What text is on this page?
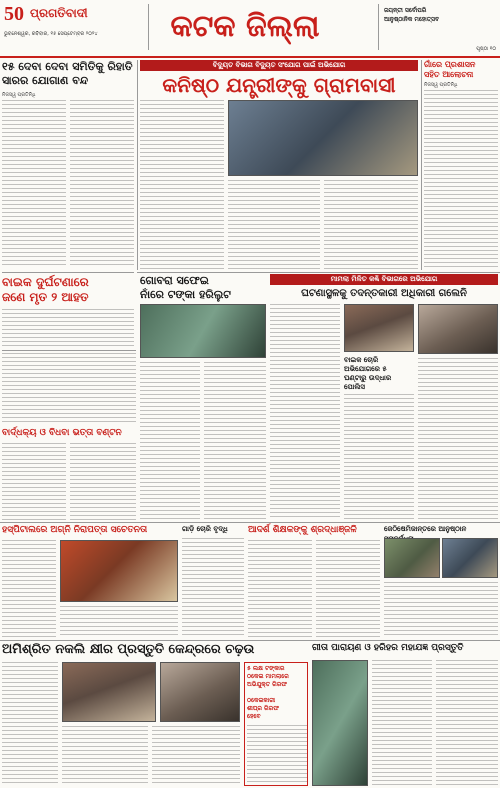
50 ପ୍ରଗତିବାଦୀ
ଭୁବନେଶ୍ୱର, ରବିବାର, ୧୫ ସେପ୍ଟେମ୍ବର ୨୦୨୪	କଟକ ଜିଲ୍ଲା	ଜୟନ୍ତୀ ସର୍ବୋପରି
ଆନୁଷ୍ଠାନିକ ମହୋତ୍ସବ
ପୃଷ୍ଠା ୧୦
୧୫ ଦେବା ଦେବା ସମିତିକୁ ରିହାତି ସାରର ଯୋଗାଣ ବନ୍ଦ
ନିଜସ୍ୱ ପ୍ରତିନିଧି
ବିଦ୍ୟୁତ ବିଭାଗ ବିଦ୍ୟୁତ ସଂଯୋଗ ପାଇଁ ଅଭିଯୋଗ
କନିଷ୍ଠ ଯନ୍ତ୍ରୀଙ୍କୁ ଗ୍ରାମବାସୀ
ଗାଁରେ ପ୍ରଶାସନ
ସହିତ ଆଲୋଚନା
ନିଜସ୍ୱ ପ୍ରତିନିଧି
ବାଇକ ଦୁର୍ଘଟଣାରେ
ଜଣେ ମୃତ ୨ ଆହତ
ଗୋବରା ସଫେଇ
ନାଁରେ ଟଙ୍କା ହରିଲୁଟ
ମାମଲା ମିଳିତ କଣ୍ଢି ବିଭାଗରେ ଅଭିଯୋଗ
ଘଟଣାସ୍ଥଳକୁ ତଦନ୍ତକାରୀ ଅଧିକାରୀ ଗଲେନି
ବାଇକ ଚୋରି
ଅଭିଯୋଗରେ ୫
ଘଣ୍ଟାରୁ ଉଦ୍ଧାର
ପୋଲିସ
ବାର୍ଦ୍ଧକ୍ୟ ଓ ବିଧବା ଭତ୍ତା ବଣ୍ଟନ
ହସ୍ପିଟାଲରେ ଅଗ୍ନି ନିରାପତ୍ତା ସଚେତନତା	ଗାଡ଼ି ଚୋରି ବୃଦ୍ଧି	ଆଦର୍ଶ ଶିକ୍ଷକଙ୍କୁ ଶ୍ରଦ୍ଧାଞ୍ଜଳି	ଜେଠିଷେମିଜାନ୍ତରେ ଆନୁଷ୍ଠାନ
ଅମିଶ୍ରିତ ନକଲି କ୍ଷୀର ପ୍ରସ୍ତୁତି କେନ୍ଦ୍ରରେ ଚଢ଼ଉ
୫ ଲକ୍ଷ ଟଙ୍କାର
ଠକେଇ ମାମଲାରେ
ଅଭିଯୁକ୍ତ ଗିରଫ
ଠକେଇକାରୀ
ଶୀଘ୍ର ଗିରଫ
ହେବେ
ଗୀତା ପାରାୟଣ ଓ ହରିହର ମହାଯଜ୍ଞ ପ୍ରସ୍ତୁତି
